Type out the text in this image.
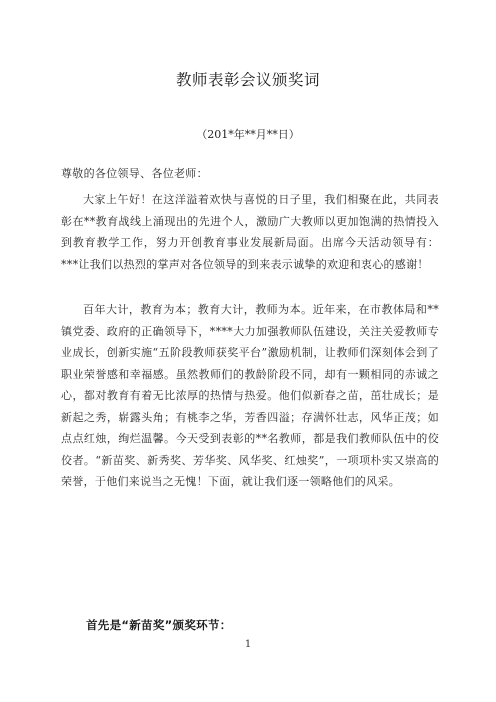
教师表彰会议颁奖词
（201*年**月**日）
尊敬的各位领导、各位老师：
大家上午好！在这洋溢着欢快与喜悦的日子里，我们相聚在此，共同表彰在**教育战线上涌现出的先进个人，激励广大教师以更加饱满的热情投入到教育教学工作，努力开创教育事业发展新局面。出席今天活动领导有：***让我们以热烈的掌声对各位领导的到来表示诚挚的欢迎和衷心的感谢！
百年大计，教育为本；教育大计，教师为本。近年来，在市教体局和**镇党委、政府的正确领导下，****大力加强教师队伍建设，关注关爱教师专业成长，创新实施“五阶段教师获奖平台”激励机制，让教师们深刻体会到了职业荣誉感和幸福感。虽然教师们的教龄阶段不同，却有一颗相同的赤诚之心，都对教育有着无比浓厚的热情与热爱。他们似新春之苗，茁壮成长；是新起之秀，崭露头角；有桃李之华，芳香四溢；存满怀壮志，风华正茂；如点点红烛，绚烂温馨。今天受到表彰的**名教师，都是我们教师队伍中的佼佼者。“新苗奖、新秀奖、芳华奖、风华奖、红烛奖”，一项项朴实又崇高的荣誉，于他们来说当之无愧！下面，就让我们逐一领略他们的风采。
首先是“新苗奖”颁奖环节：
1
